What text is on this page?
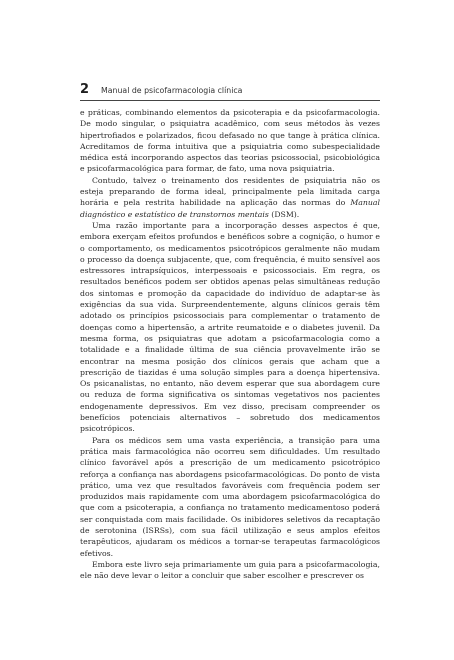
2 Manual de psicofarmacologia clínica

e práticas, combinando elementos da psicoterapia e da psicofarmacologia. De modo singular, o psiquiatra acadêmico, com seus métodos às vezes hipertrofiados e polarizados, ficou defasado no que tange à prática clínica. Acreditamos de forma intuitiva que a psiquiatria como subespecialidade médica está incorporando aspectos das teorias psicossocial, psicobiológica e psicofarmacológica para formar, de fato, uma nova psiquiatria.

Contudo, talvez o treinamento dos residentes de psiquiatria não os esteja preparando de forma ideal, principalmente pela limitada carga horária e pela restrita habilidade na aplicação das normas do Manual diagnóstico e estatístico de transtornos mentais (DSM).

Uma razão importante para a incorporação desses aspectos é que, embora exerçam efeitos profundos e benéficos sobre a cognição, o humor e o comportamento, os medicamentos psicotrópicos geralmente não mudam o processo da doença subjacente, que, com frequência, é muito sensível aos estressores intrapsíquicos, interpessoais e psicossociais. Em regra, os resultados benéficos podem ser obtidos apenas pelas simultâneas redução dos sintomas e promoção da capacidade do indivíduo de adaptar-se às exigências da sua vida. Surpreendentemente, alguns clínicos gerais têm adotado os princípios psicossociais para complementar o tratamento de doenças como a hipertensão, a artrite reumatoide e o diabetes juvenil. Da mesma forma, os psiquiatras que adotam a psicofarmacologia como a totalidade e a finalidade última de sua ciência provavelmente irão se encontrar na mesma posição dos clínicos gerais que acham que a prescrição de tiazidas é uma solução simples para a doença hipertensiva. Os psicanalistas, no entanto, não devem esperar que sua abordagem cure ou reduza de forma significativa os sintomas vegetativos nos pacientes endogenamente depressivos. Em vez disso, precisam compreender os benefícios potenciais alternativos – sobretudo dos medicamentos psicotrópicos.

Para os médicos sem uma vasta experiência, a transição para uma prática mais farmacológica não ocorreu sem dificuldades. Um resultado clínico favorável após a prescrição de um medicamento psicotrópico reforça a confiança nas abordagens psicofarmacológicas. Do ponto de vista prático, uma vez que resultados favoráveis com frequência podem ser produzidos mais rapidamente com uma abordagem psicofarmacológica do que com a psicoterapia, a confiança no tratamento medicamentoso poderá ser conquistada com mais facilidade. Os inibidores seletivos da recaptação de serotonina (ISRSs), com sua fácil utilização e seus amplos efeitos terapêuticos, ajudaram os médicos a tornar-se terapeutas farmacológicos efetivos.

Embora este livro seja primariamente um guia para a psicofarmacologia, ele não deve levar o leitor a concluir que saber escolher e prescrever os
